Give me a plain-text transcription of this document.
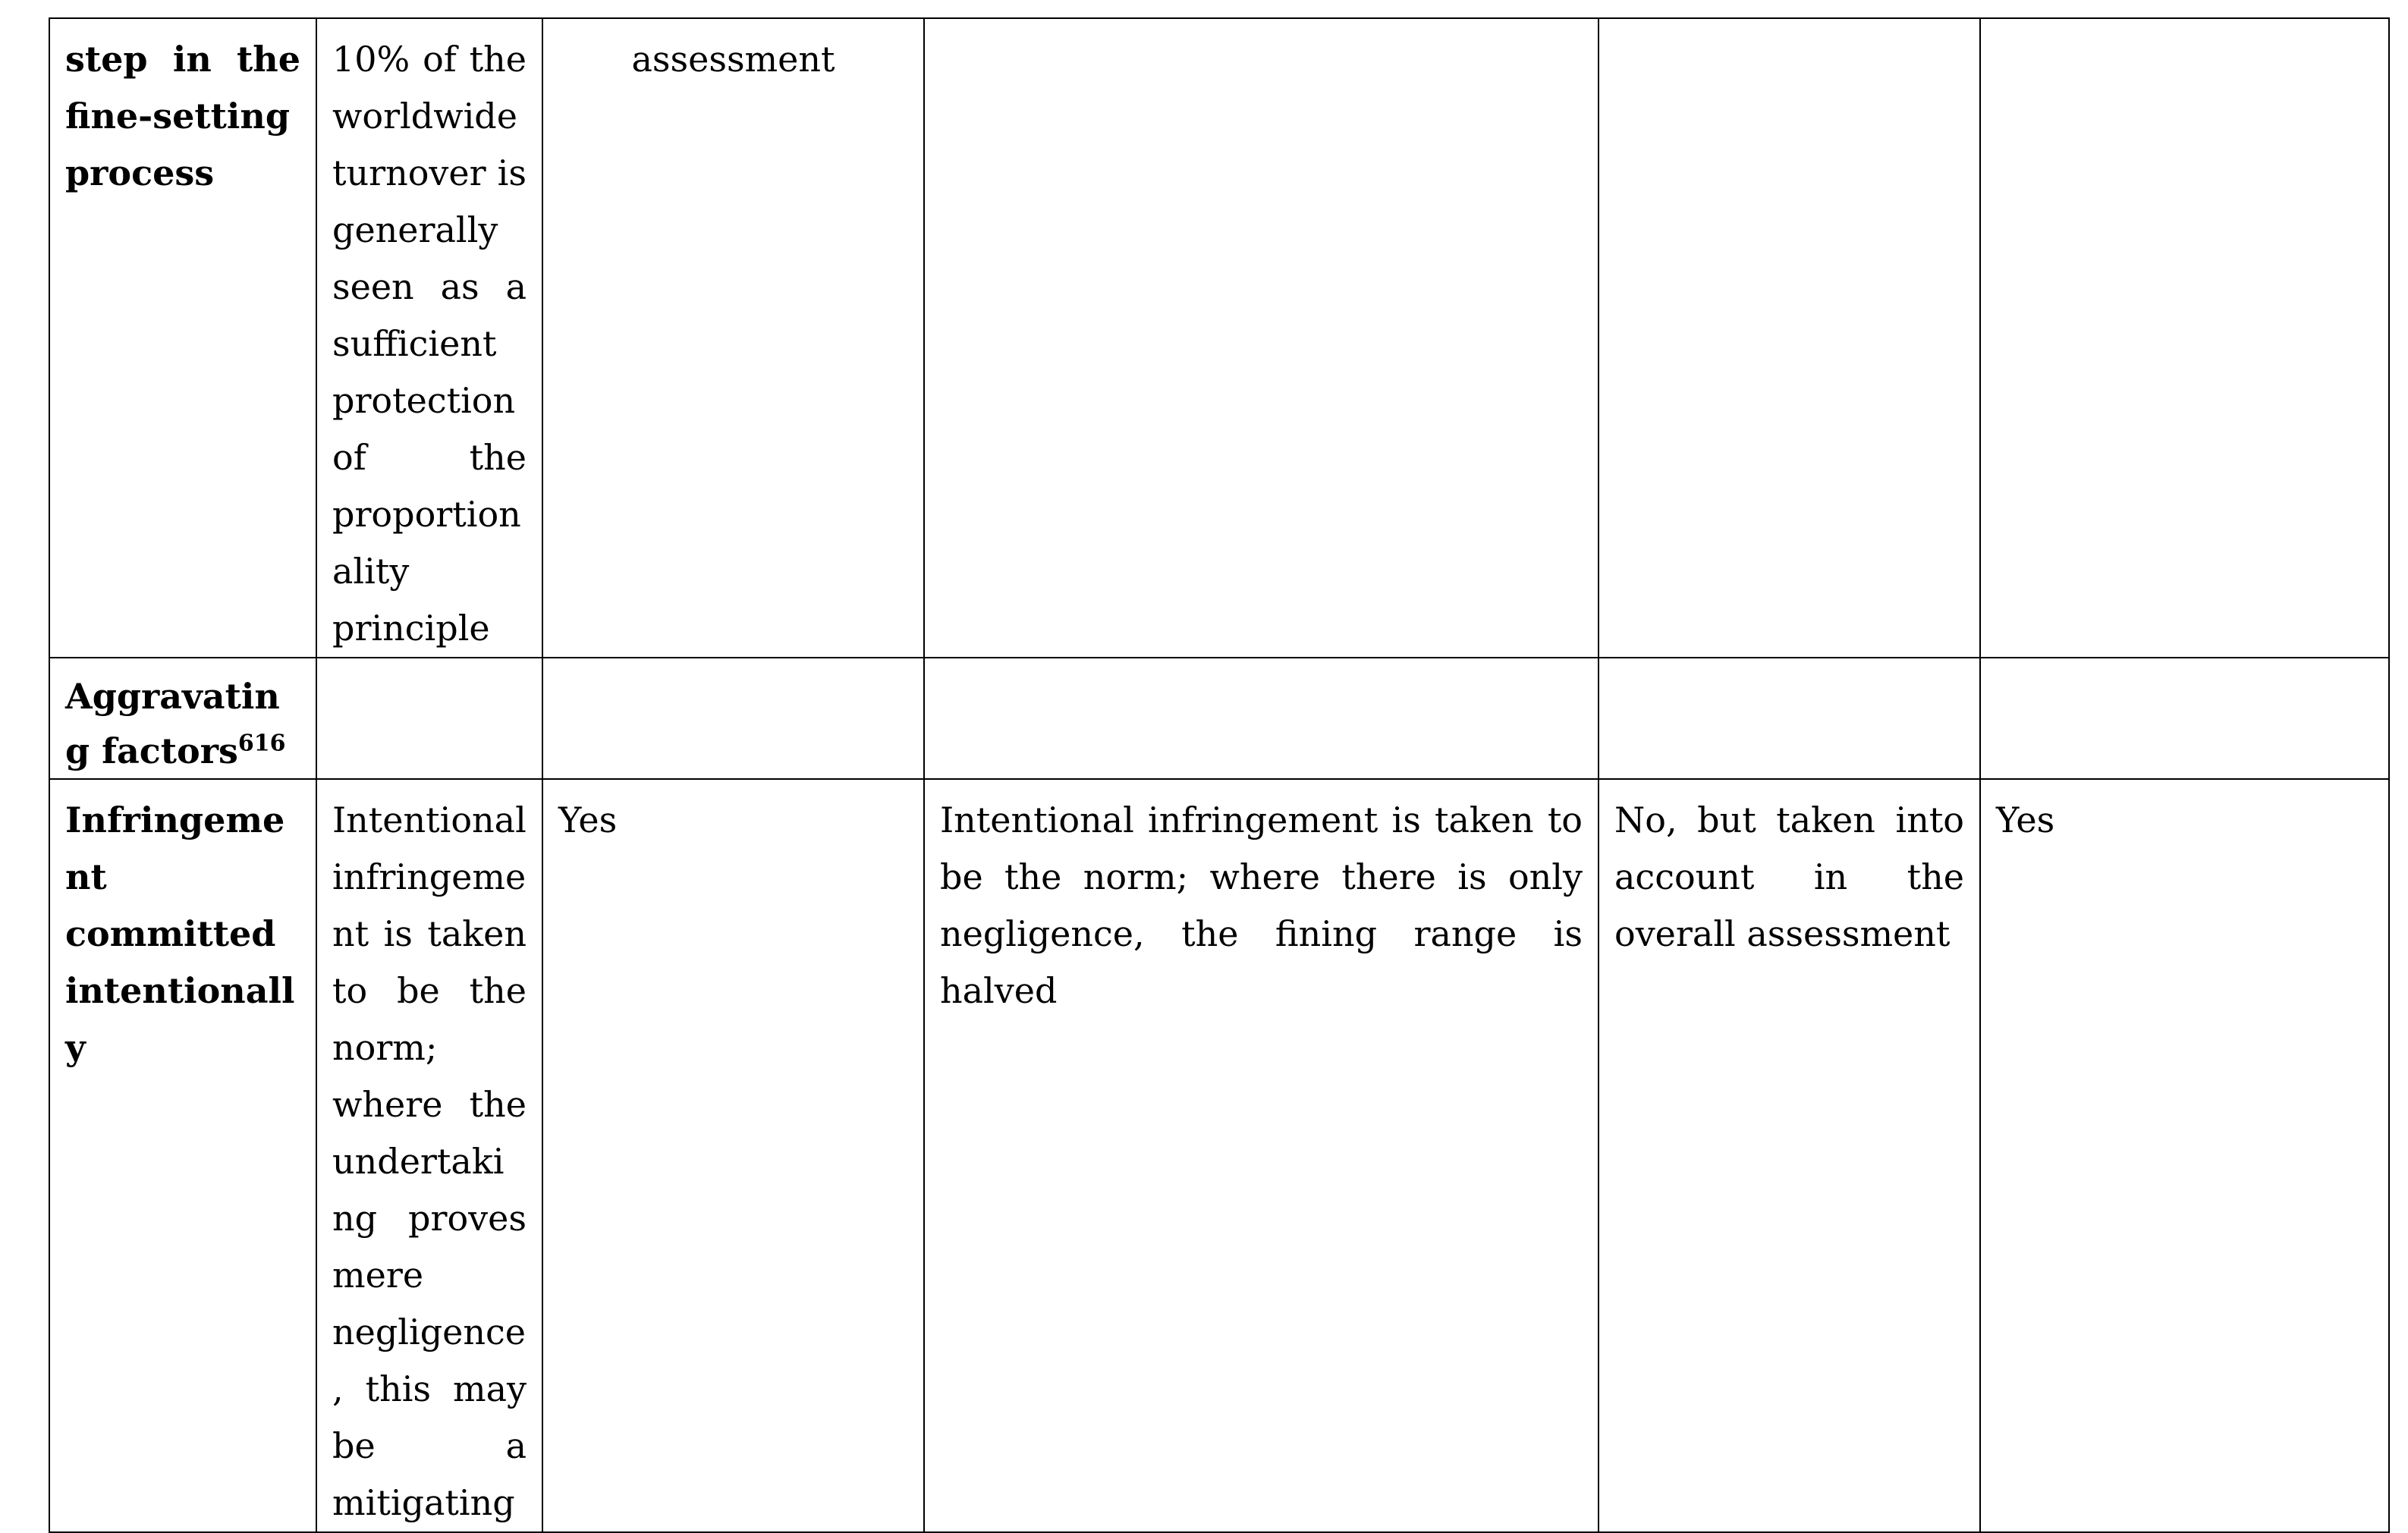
step in the fine-setting process	10% of the worldwide turnover is generally seen as a sufficient protection of the proportionality principle	assessment			
Aggravating factors$^{616}$					
Infringement committed intentionally	Intentional infringement is taken to be the norm; where the undertaking proves mere negligence, this may be a mitigating	Yes	Intentional infringement is taken to be the norm; where there is only negligence, the fining range is halved	No, but taken into account in the overall assessment	Yes
